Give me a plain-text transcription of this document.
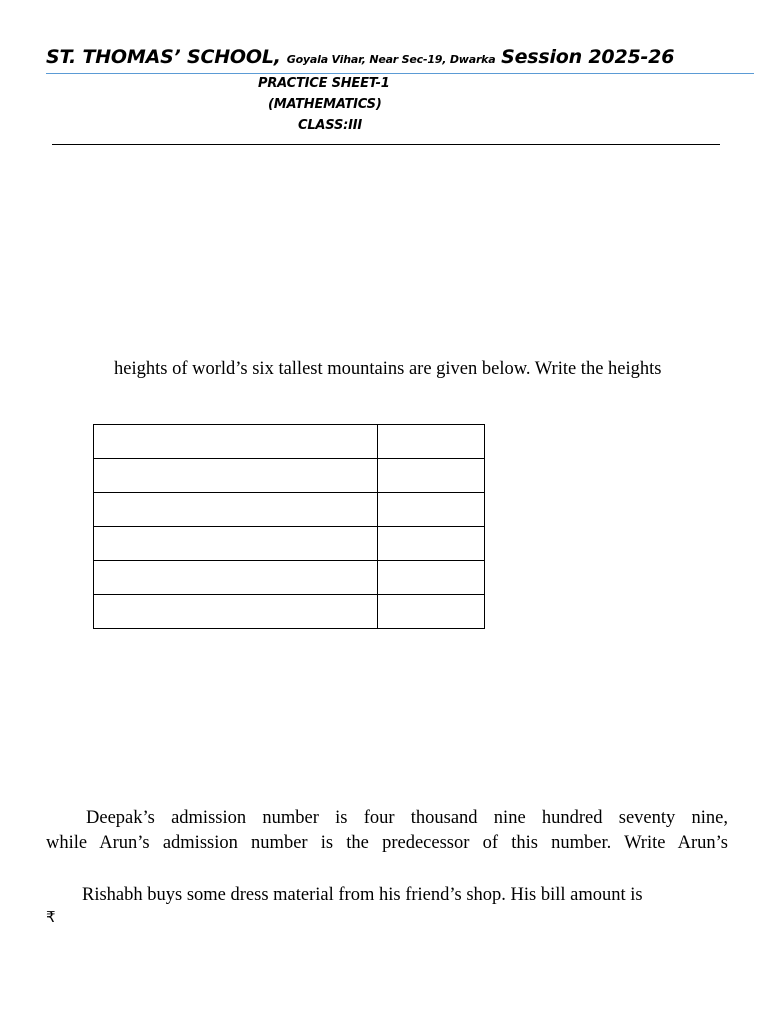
ST. THOMAS’ SCHOOL, Goyala Vihar, Near Sec-19, Dwarka Session 2025-26
PRACTICE SHEET-1
(MATHEMATICS)
CLASS:III
heights of world’s six tallest mountains are given below. Write the heights

Deepak’s admission number is four thousand nine hundred seventy nine,
while Arun’s admission number is the predecessor of this number. Write Arun’s
Rishabh buys some dress material from his friend’s shop. His bill amount is
₹
